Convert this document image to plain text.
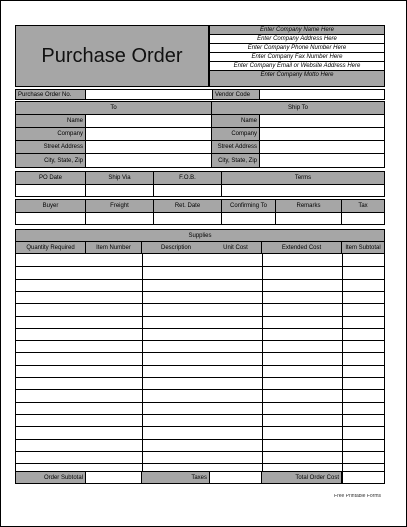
Purchase Order
Enter Company Name Here
Enter Company Address Here
Enter Company Phone Number Here
Enter Company Fax Number Here
Enter Company Email or Website Address Here
Enter Company Motto Here
Purchase Order No.	Vendor Code
To	Ship To
Name
Company
Street Address
City, State, Zip
Name
Company
Street Address
City, State, Zip
PO Date	Ship Via	F.O.B.	Terms
Buyer	Freight	Ret. Date	Confirming To	Remarks	Tax
Supplies
Quantity Required	Item Number	Description	Unit Cost	Extended Cost	Item Subtotal
Order Subtotal	Taxes	Total Order Cost
Free Printable Forms
